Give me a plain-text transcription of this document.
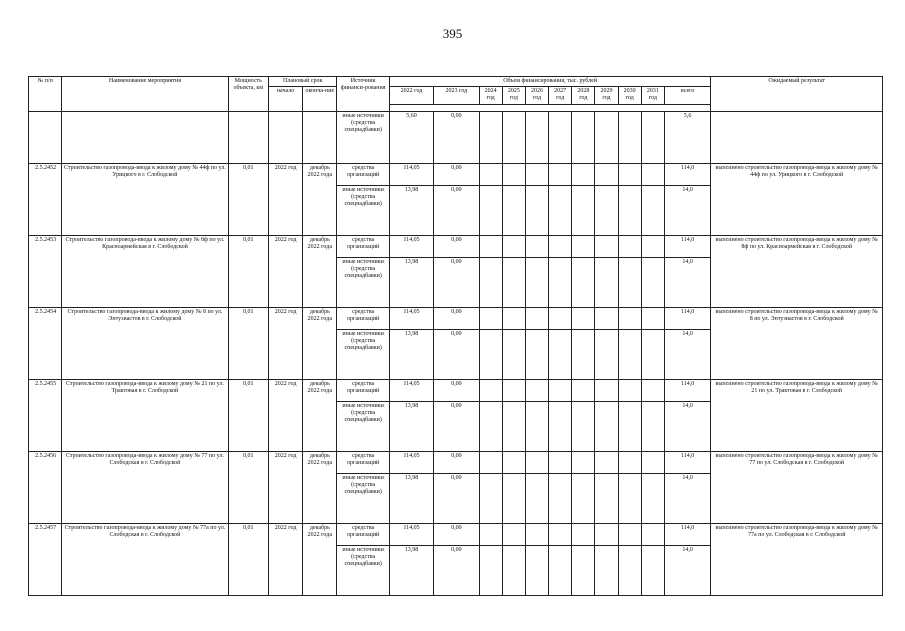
395
№ п/п	Наименование мероприятия	Мощность объекта, км	Плановый срок		Источник финанси-рования	Объем финансирования, тыс. рублей											Ожидаемый результат
			начало	оконча-ние		2022 год	2023 год	2024 год	2025 год	2026 год	2027 год	2028 год	2029 год	2030 год	2031 год	всего	

					иные источники (средства спецнадбавки)	5,60	0,00									5,6	
2.5.2452	Строительство газопровода-ввода к жилому дому № 44ф по ул. Урицкого в г. Слободской	0,01	2022 год	декабрь 2022 года	средства организаций	114,05	0,00									114,0	выполнено строительство газопровода-ввода к жилому дому № 44ф по ул. Урицкого в г. Слободской
					иные источники (средства спецнадбавки)	13,98	0,00									14,0	
2.5.2453	Строительство газопровода-ввода к жилому дому № 8ф по ул. Красноармейская в г. Слободской	0,01	2022 год	декабрь 2022 года	средства организаций	114,05	0,00									114,0	выполнено строительство газопровода-ввода к жилому дому № 8ф по ул. Красноармейская в г. Слободской
					иные источники (средства спецнадбавки)	13,98	0,00									14,0	
2.5.2454	Строительство газопровода-ввода к жилому дому № 8 по ул. Энтузиастов в г. Слободской	0,01	2022 год	декабрь 2022 года	средства организаций	114,05	0,00									114,0	выполнено строительство газопровода-ввода к жилому дому № 8 по ул. Энтузиастов в г. Слободской
					иные источники (средства спецнадбавки)	13,98	0,00									14,0	
2.5.2455	Строительство газопровода-ввода к жилому дому № 21 по ул. Трактовая в г. Слободской	0,01	2022 год	декабрь 2022 года	средства организаций	114,05	0,00									114,0	выполнено строительство газопровода-ввода к жилому дому № 21 по ул. Трактовая в г. Слободской
					иные источники (средства спецнадбавки)	13,98	0,00									14,0	
2.5.2456	Строительство газопровода-ввода к жилому дому № 77 по ул. Слободская в г. Слободской	0,01	2022 год	декабрь 2022 года	средства организаций	114,05	0,00									114,0	выполнено строительство газопровода-ввода к жилому дому № 77 по ул. Слободская в г. Слободской
					иные источники (средства спецнадбавки)	13,98	0,00									14,0	
2.5.2457	Строительство газопровода-ввода к жилому дому № 77а по ул. Слободская в г. Слободской	0,01	2022 год	декабрь 2022 года	средства организаций	114,05	0,00									114,0	выполнено строительство газопровода-ввода к жилому дому № 77а по ул. Слободская в г. Слободской
					иные источники (средства спецнадбавки)	13,98	0,00									14,0	
